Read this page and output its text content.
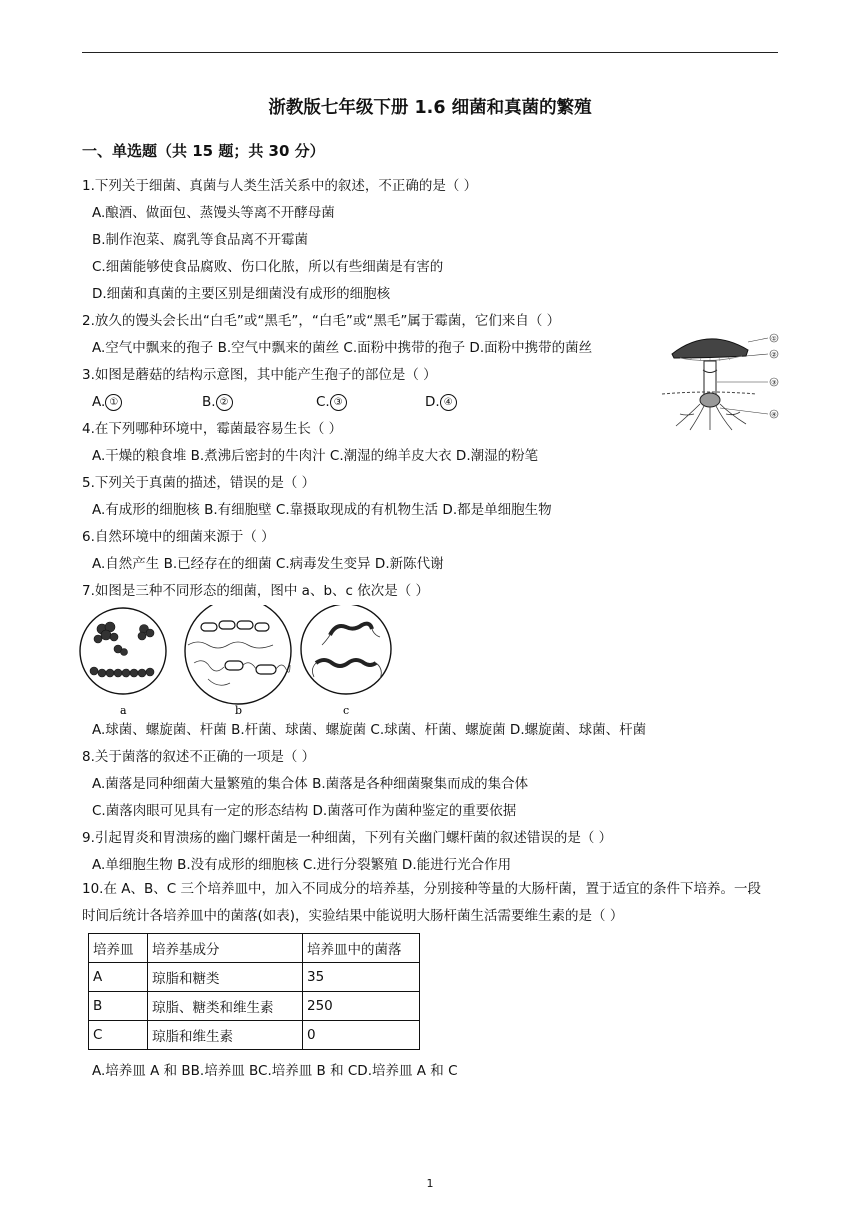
浙教版七年级下册 1.6 细菌和真菌的繁殖
一、单选题（共 15 题；共 30 分）
1.下列关于细菌、真菌与人类生活关系中的叙述，不正确的是（ ）
A.酿酒、做面包、蒸馒头等离不开酵母菌
B.制作泡菜、腐乳等食品离不开霉菌
C.细菌能够使食品腐败、伤口化脓，所以有些细菌是有害的
D.细菌和真菌的主要区别是细菌没有成形的细胞核
2.放久的馒头会长出“白毛”或“黑毛”，“白毛”或“黑毛”属于霉菌，它们来自（ ）
A.空气中飘来的孢子 B.空气中飘来的菌丝 C.面粉中携带的孢子 D.面粉中携带的菌丝
3.如图是蘑菇的结构示意图，其中能产生孢子的部位是（ ）
A. ①	B. ②	C. ③	D. ④
①
②
③
④
4.在下列哪种环境中，霉菌最容易生长（ ）
A.干燥的粮食堆 B.煮沸后密封的牛肉汁 C.潮湿的绵羊皮大衣 D.潮湿的粉笔
5.下列关于真菌的描述，错误的是（ ）
A.有成形的细胞核 B.有细胞壁 C.靠摄取现成的有机物生活 D.都是单细胞生物
6.自然环境中的细菌来源于（ ）
A.自然产生 B.已经存在的细菌 C.病毒发生变异 D.新陈代谢
7.如图是三种不同形态的细菌，图中 a、b、c 依次是（ ）
a	b	c
A.球菌、螺旋菌、杆菌 B.杆菌、球菌、螺旋菌 C.球菌、杆菌、螺旋菌 D.螺旋菌、球菌、杆菌
8.关于菌落的叙述不正确的一项是（ ）
A.菌落是同种细菌大量繁殖的集合体 B.菌落是各种细菌聚集而成的集合体
C.菌落肉眼可见具有一定的形态结构 D.菌落可作为菌种鉴定的重要依据
9.引起胃炎和胃溃疡的幽门螺杆菌是一种细菌，下列有关幽门螺杆菌的叙述错误的是（ ）
A.单细胞生物 B.没有成形的细胞核 C.进行分裂繁殖 D.能进行光合作用
10.在 A、B、C 三个培养皿中，加入不同成分的培养基，分别接种等量的大肠杆菌，置于适宜的条件下培养。一段时间后统计各培养皿中的菌落(如表)，实验结果中能说明大肠杆菌生活需要维生素的是（ ）
培养皿	培养基成分	培养皿中的菌落
A	琼脂和糖类	35
B	琼脂、糖类和维生素	250
C	琼脂和维生素	0
A.培养皿 A 和 BB.培养皿 BC.培养皿 B 和 CD.培养皿 A 和 C
1
